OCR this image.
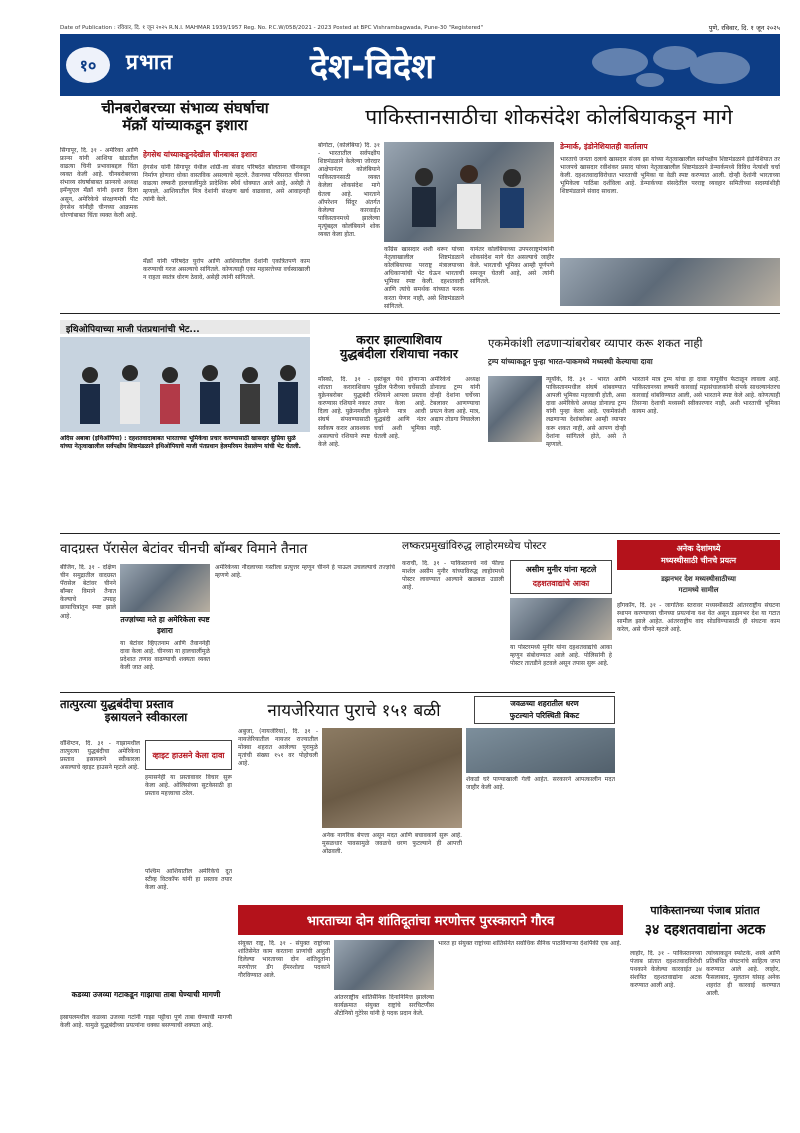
Date of Publication : रविवार, दि. १ जून २०२५ R.N.I. MAHMAR 1939/1957 Reg. No. P.C.W/058/2021 - 2023 Posted at BPC Vishrambagwada, Pune-30 "Registered"	पुणे, रविवार, दि. १ जून २०२५
१०	प्रभात	देश-विदेश
चीनबरोबरच्या संभाव्य संघर्षाचा
मॅक्रॉ यांच्याकडून इशारा
सिंगापूर, दि. ३१ - अमेरिका आणि फ्रान्स यांनी आशिया खंडातील वाढत्या चिनी प्रभावाबद्दल चिंता व्यक्त केली आहे. चीनबरोबरच्या संभाव्य संघर्षाबाबत फ्रान्सचे अध्यक्ष इमॅन्युएल मॅक्रॉ यांनी इशारा दिला असून, अमेरिकेचे संरक्षणमंत्री पीट हेगसेथ यांनीही चीनच्या आक्रमक धोरणांबाबत चिंता व्यक्त केली आहे.
हेगसेथ यांच्याकडूनदेखील चीनबाबत इशारा
हेगसेथ यांनी सिंगापूर येथील शांग्री-ला संवाद परिषदेत बोलताना चीनकडून निर्माण होणारा धोका वास्तविक असल्याचे म्हटले. तैवानच्या परिसरात चीनच्या वाढत्या लष्करी हालचालींमुळे प्रादेशिक स्थैर्य धोक्यात आले आहे, असेही ते म्हणाले. आशियातील मित्र देशांनी संरक्षण खर्च वाढवावा, असे आवाहनही त्यांनी केले.
मॅक्रॉ यांनी परिषदेत युरोप आणि आशियातील देशांनी एकत्रितपणे काम करण्याची गरज असल्याचे सांगितले. कोणत्याही एका महासत्तेच्या वर्चस्वाखाली न राहता स्वतंत्र धोरण ठेवावे, असेही त्यांनी सांगितले.
पाकिस्तानसाठीचा शोकसंदेश कोलंबियाकडून मागे
बोगोटा, (कोलंबिया) दि. ३१ - भारतातील सर्वपक्षीय शिष्टमंडळाने केलेल्या जोरदार आक्षेपानंतर कोलंबियाने पाकिस्तानसाठी व्यक्त केलेला शोकसंदेश मागे घेतला आहे. भारताने ऑपरेशन सिंदूर अंतर्गत केलेल्या कारवाईत पाकिस्तानमध्ये झालेल्या मृत्यूंबद्दल कोलंबियाने शोक व्यक्त केला होता.
काँग्रेस खासदार शशी थरूर यांच्या नेतृत्वाखालील शिष्टमंडळाने कोलंबियाच्या परराष्ट्र मंत्रालयाच्या अधिकाऱ्यांची भेट घेऊन भारताची भूमिका स्पष्ट केली. दहशतवादी आणि त्यांचे समर्थक यांच्यात फरक करता येणार नाही, असे शिष्टमंडळाने सांगितले.
यानंतर कोलंबियाच्या उपपरराष्ट्रमंत्र्यांनी शोकसंदेश मागे घेत असल्याचे जाहीर केले. भारताची भूमिका आम्ही पूर्णपणे समजून घेतली आहे, असे त्यांनी सांगितले.
डेन्मार्क, इंडोनेशियातही वार्तालाप
भारताचे जनता दलाचे खासदार संजय झा यांच्या नेतृत्वाखालील सर्वपक्षीय शिष्टमंडळाने इंडोनेशियात तर भाजपचे खासदार रवीशंकर प्रसाद यांच्या नेतृत्वाखालील शिष्टमंडळाने डेन्मार्कमध्ये विविध नेत्यांशी चर्चा केली. दहशतवादाविरोधात भारताची भूमिका या वेळी स्पष्ट करण्यात आली. दोन्ही देशांनी भारताच्या भूमिकेला पाठिंबा दर्शविला आहे. डेन्मार्कच्या संसदेतील परराष्ट्र व्यवहार समितीच्या सदस्यांशीही शिष्टमंडळाने संवाद साधला.
इथिओपियाच्या माजी पंतप्रधानांची भेट...
अदिस अबाबा (इथिओपिया) : दहशतवादाबाबत भारताच्या भूमिकेचा प्रचार करण्यासाठी खासदार सुप्रिया सुळे यांच्या नेतृत्वाखालील सर्वपक्षीय शिष्टमंडळाने इथिओपियाचे माजी पंतप्रधान हेलमरियम देसालेग्न यांची भेट घेतली.
करार झाल्याशिवाय
युद्धबंदीला रशियाचा नकार
मॉस्को, दि. ३१ - शांतता कराराशिवाय युक्रेनबरोबर युद्धबंदी करण्यास रशियाने नकार दिला आहे. युक्रेनमधील संघर्ष संपवण्यासाठी सर्वंकष करार आवश्यक असल्याचे रशियाने स्पष्ट केले आहे.
इस्तंबूल येथे होणाऱ्या पुढील फेरीच्या चर्चेसाठी रशियाने आपला प्रस्ताव तयार केला आहे. युक्रेनने मात्र आधी युद्धबंदी आणि नंतर चर्चा अशी भूमिका घेतली आहे.
अमेरिकेचे अध्यक्ष डोनाल्ड ट्रम्प यांनी दोन्ही देशांना चर्चेच्या टेबलावर आणण्याचा प्रयत्न केला आहे. मात्र, अद्याप तोडगा निघालेला नाही.
एकमेकांशी लढणाऱ्यांबरोबर व्यापार करू शकत नाही
ट्रम्प यांच्याकडून पुन्हा भारत-पाकमध्ये मध्यस्थी केल्याचा दावा
न्यूयॉर्क, दि. ३१ - भारत आणि पाकिस्तानमधील संघर्ष थांबवण्यात आपली भूमिका महत्त्वाची होती, असा दावा अमेरिकेचे अध्यक्ष डोनाल्ड ट्रम्प यांनी पुन्हा केला आहे. एकमेकांशी लढणाऱ्या देशांबरोबर आम्ही व्यापार करू शकत नाही, असे आपण दोन्ही देशांना सांगितले होते, असे ते म्हणाले.
भारताने मात्र ट्रम्प यांचा हा दावा यापूर्वीच फेटाळून लावला आहे. पाकिस्तानच्या लष्करी कारवाई महासंचालकांनी संपर्क साधल्यानंतरच कारवाई थांबविण्यात आली, असे भारताने स्पष्ट केले आहे. कोणत्याही तिसऱ्या देशाची मध्यस्थी स्वीकारणार नाही, अशी भारताची भूमिका कायम आहे.
वादग्रस्त पॅरासेल बेटांवर चीनची बॉम्बर विमाने तैनात
बीजिंग, दि. ३१ - दक्षिण चीन समुद्रातील वादग्रस्त पॅरासेल बेटांवर चीनने बॉम्बर विमाने तैनात केल्याचे उपग्रह छायाचित्रांतून स्पष्ट झाले आहे.	तज्ज्ञांच्या मते हा अमेरिकेला स्पष्ट इशारा
या बेटांवर व्हिएतनाम आणि तैवाननेही दावा केला आहे. चीनच्या या हालचालींमुळे प्रदेशात तणाव वाढण्याची शक्यता व्यक्त केली जात आहे.
अमेरिकेच्या नौदलाच्या गस्तीला प्रत्युत्तर म्हणून चीनने हे पाऊल उचलल्याचे तज्ज्ञांचे म्हणणे आहे.
लष्करप्रमुखांविरुद्ध लाहोरमध्येच पोस्टर
कराची, दि. ३१ - पाकिस्तानचे नवे फील्ड मार्शल असीम मुनीर यांच्याविरुद्ध लाहोरमध्ये पोस्टर लावण्यात आल्याने खळबळ उडाली आहे.
असीम मुनीर यांना म्हटले
दहशतवाद्यांचे आका
या पोस्टरमध्ये मुनीर यांना दहशतवाद्यांचे आका म्हणून संबोधण्यात आले आहे. पोलिसांनी हे पोस्टर तातडीने हटवले असून तपास सुरू आहे.
अनेक देशांमध्ये
मध्यस्थीसाठी चीनचे प्रयत्न
डझनभर देश मध्यस्थीसाठीच्या
गटामध्ये सामील
हॉंगकॉंग, दि. ३१ - जागतिक स्तरावर मध्यस्थीसाठी आंतरराष्ट्रीय संघटना स्थापन करण्याच्या चीनच्या प्रयत्नांना यश येत असून डझनभर देश या गटात सामील झाले आहेत. आंतरराष्ट्रीय वाद सोडविण्यासाठी ही संघटना काम करेल, असे चीनने म्हटले आहे.
तात्पुरत्या युद्धबंदीचा प्रस्ताव
इस्रायलने स्वीकारला
वॉशिंग्टन, दि. ३१ - गाझामधील तात्पुरत्या युद्धबंदीचा अमेरिकेचा प्रस्ताव इस्रायलने स्वीकारला असल्याचे व्हाइट हाउसने म्हटले आहे.
व्हाइट हाउसने केला दावा
हमासनेही या प्रस्तावावर विचार सुरू केला आहे. ओलिसांच्या सुटकेसाठी हा प्रस्ताव महत्त्वाचा ठरेल.
पश्चिम आशियातील अमेरिकेचे दूत स्टीव्ह विटकॉफ यांनी हा प्रस्ताव तयार केला आहे.
कडव्या उजव्या गटाकडून गाझाचा ताबा घेण्याची मागणी
इस्रायलमधील कडव्या उजव्या गटांनी गाझा पट्टीचा पूर्ण ताबा घेण्याची मागणी केली आहे. यामुळे युद्धबंदीच्या प्रयत्नांना धक्का बसण्याची शक्यता आहे.
नायजेरियात पुराचे १५१ बळी	जवळच्या शहरातील धरण
फुटल्याने परिस्थिती बिकट
अबुजा, (नायजेरिया), दि. ३१ - नायजेरियातील नायजर राज्यातील मोक्वा शहरात आलेल्या पुरामुळे मृतांची संख्या १५१ वर पोहोचली आहे.
अनेक नागरिक बेपत्ता असून मदत आणि बचावकार्य सुरू आहे. मुसळधार पावसामुळे जवळचे धरण फुटल्याने ही आपत्ती ओढवली.
शेकडो घरे पाण्याखाली गेली आहेत. सरकारने आपत्कालीन मदत जाहीर केली आहे.
भारताच्या दोन शांतिदूतांचा मरणोत्तर पुरस्काराने गौरव
संयुक्त राष्ट्र, दि. ३१ - संयुक्त राष्ट्रांच्या शांतिसेनेत काम करताना प्राणांची आहुती दिलेल्या भारताच्या दोन शांतिदूतांना मरणोत्तर डॅग हॅमरशोल्ड पदकाने गौरविण्यात आले.
आंतरराष्ट्रीय शांतिसैनिक दिनानिमित्त झालेल्या कार्यक्रमात संयुक्त राष्ट्रांचे सरचिटणीस अँटोनियो गुटेरेस यांनी हे पदक प्रदान केले.
भारत हा संयुक्त राष्ट्रांच्या शांतिसेनेत सर्वाधिक सैनिक पाठविणाऱ्या देशांपैकी एक आहे.
पाकिस्तानच्या पंजाब प्रांतात
३४ दहशतवाद्यांना अटक
लाहोर, दि. ३१ - पाकिस्तानच्या पंजाब प्रांतात दहशतवादविरोधी पथकाने केलेल्या कारवाईत ३४ संशयित दहशतवाद्यांना अटक करण्यात आली आहे.
त्यांच्याकडून स्फोटके, शस्त्रे आणि प्रतिबंधित संघटनांचे साहित्य जप्त करण्यात आले आहे. लाहोर, फैसलाबाद, मुलतान यांसह अनेक शहरांत ही कारवाई करण्यात आली.
